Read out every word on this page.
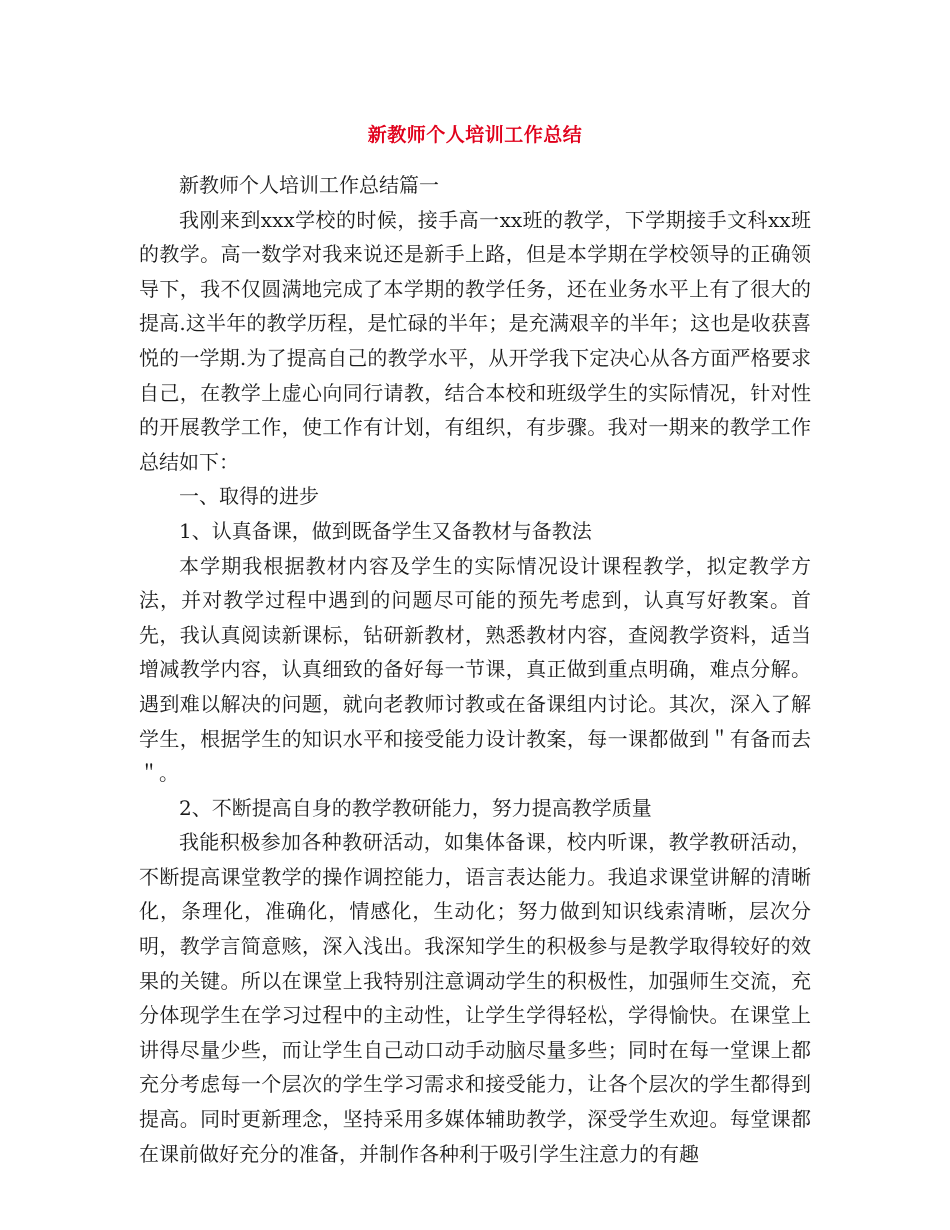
新教师个人培训工作总结

新教师个人培训工作总结篇一

我刚来到xxx学校的时候，接手高一xx班的教学，下学期接手文科xx班的教学。高一数学对我来说还是新手上路，但是本学期在学校领导的正确领导下，我不仅圆满地完成了本学期的教学任务，还在业务水平上有了很大的提高.这半年的教学历程，是忙碌的半年；是充满艰辛的半年；这也是收获喜悦的一学期.为了提高自己的教学水平，从开学我下定决心从各方面严格要求自己，在教学上虚心向同行请教，结合本校和班级学生的实际情况，针对性的开展教学工作，使工作有计划，有组织，有步骤。我对一期来的教学工作总结如下：

一、取得的进步

1、认真备课，做到既备学生又备教材与备教法

本学期我根据教材内容及学生的实际情况设计课程教学，拟定教学方法，并对教学过程中遇到的问题尽可能的预先考虑到，认真写好教案。首先，我认真阅读新课标，钻研新教材，熟悉教材内容，查阅教学资料，适当增减教学内容，认真细致的备好每一节课，真正做到重点明确，难点分解。遇到难以解决的问题，就向老教师讨教或在备课组内讨论。其次，深入了解学生，根据学生的知识水平和接受能力设计教案，每一课都做到＂有备而去＂。

2、不断提高自身的教学教研能力，努力提高教学质量

我能积极参加各种教研活动，如集体备课，校内听课，教学教研活动，不断提高课堂教学的操作调控能力，语言表达能力。我追求课堂讲解的清晰化，条理化，准确化，情感化，生动化；努力做到知识线索清晰，层次分明，教学言简意赅，深入浅出。我深知学生的积极参与是教学取得较好的效果的关键。所以在课堂上我特别注意调动学生的积极性，加强师生交流，充分体现学生在学习过程中的主动性，让学生学得轻松，学得愉快。在课堂上讲得尽量少些，而让学生自己动口动手动脑尽量多些；同时在每一堂课上都充分考虑每一个层次的学生学习需求和接受能力，让各个层次的学生都得到提高。同时更新理念，坚持采用多媒体辅助教学，深受学生欢迎。每堂课都在课前做好充分的准备，并制作各种利于吸引学生注意力的有趣
